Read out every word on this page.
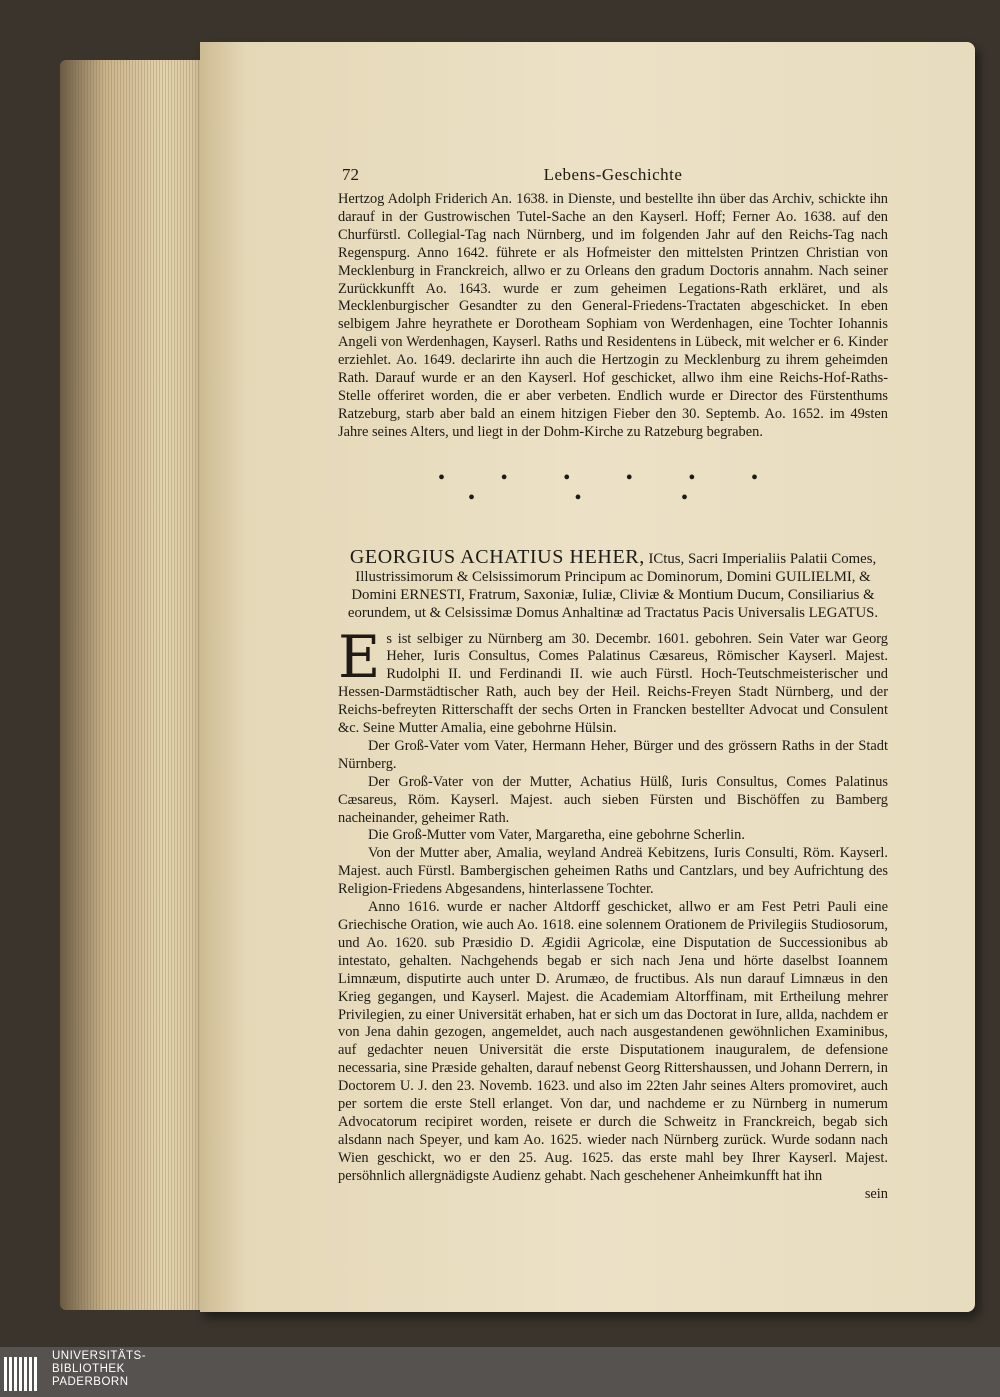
72	Lebens-Geschichte

Hertzog Adolph Friderich An. 1638. in Dienste, und bestellte ihn über das Archiv, schickte ihn darauf in der Gustrowischen Tutel-Sache an den Kayserl. Hoff; Ferner Ao. 1638. auf den Churfürstl. Collegial-Tag nach Nürnberg, und im folgenden Jahr auf den Reichs-Tag nach Regenspurg. Anno 1642. führete er als Hofmeister den mittelsten Printzen Christian von Mecklenburg in Franckreich, allwo er zu Orleans den gradum Doctoris annahm. Nach seiner Zurückkunfft Ao. 1643. wurde er zum geheimen Legations-Rath erkläret, und als Mecklenburgischer Gesandter zu den General-Friedens-Tractaten abgeschicket. In eben selbigem Jahre heyrathete er Dorotheam Sophiam von Werdenhagen, eine Tochter Iohannis Angeli von Werdenhagen, Kayserl. Raths und Residentens in Lübeck, mit welcher er 6. Kinder erziehlet. Ao. 1649. declarirte ihn auch die Hertzogin zu Mecklenburg zu ihrem geheimden Rath. Darauf wurde er an den Kayserl. Hof geschicket, allwo ihm eine Reichs-Hof-Raths-Stelle offeriret worden, die er aber verbeten. Endlich wurde er Director des Fürstenthums Ratzeburg, starb aber bald an einem hitzigen Fieber den 30. Septemb. Ao. 1652. im 49sten Jahre seines Alters, und liegt in der Dohm-Kirche zu Ratzeburg begraben.

•	•	•	•	•	•
•	•	•
GEORGIUS ACHATIUS HEHER, ICtus, Sacri Imperialiis Palatii Comes, Illustrissimorum & Celsissimorum Principum ac Dominorum, Domini GUILIELMI, & Domini ERNESTI, Fratrum, Saxoniæ, Iuliæ, Cliviæ & Montium Ducum, Consiliarius & eorundem, ut & Celsissimæ Domus Anhaltinæ ad Tractatus Pacis Universalis LEGATUS.

Es ist selbiger zu Nürnberg am 30. Decembr. 1601. gebohren. Sein Vater war Georg Heher, Iuris Consultus, Comes Palatinus Cæsareus, Römischer Kayserl. Majest. Rudolphi II. und Ferdinandi II. wie auch Fürstl. Hoch-Teutschmeisterischer und Hessen-Darmstädtischer Rath, auch bey der Heil. Reichs-Freyen Stadt Nürnberg, und der Reichs-befreyten Ritterschafft der sechs Orten in Francken bestellter Advocat und Consulent &c. Seine Mutter Amalia, eine gebohrne Hülsin.

Der Groß-Vater vom Vater, Hermann Heher, Bürger und des grössern Raths in der Stadt Nürnberg.

Der Groß-Vater von der Mutter, Achatius Hülß, Iuris Consultus, Comes Palatinus Cæsareus, Röm. Kayserl. Majest. auch sieben Fürsten und Bischöffen zu Bamberg nacheinander, geheimer Rath.

Die Groß-Mutter vom Vater, Margaretha, eine gebohrne Scherlin.

Von der Mutter aber, Amalia, weyland Andreä Kebitzens, Iuris Consulti, Röm. Kayserl. Majest. auch Fürstl. Bambergischen geheimen Raths und Cantzlars, und bey Aufrichtung des Religion-Friedens Abgesandens, hinterlassene Tochter.

Anno 1616. wurde er nacher Altdorff geschicket, allwo er am Fest Petri Pauli eine Griechische Oration, wie auch Ao. 1618. eine solennem Orationem de Privilegiis Studiosorum, und Ao. 1620. sub Præsidio D. Ægidii Agricolæ, eine Disputation de Successionibus ab intestato, gehalten. Nachgehends begab er sich nach Jena und hörte daselbst Ioannem Limnæum, disputirte auch unter D. Arumæo, de fructibus. Als nun darauf Limnæus in den Krieg gegangen, und Kayserl. Majest. die Academiam Altorffinam, mit Ertheilung mehrer Privilegien, zu einer Universität erhaben, hat er sich um das Doctorat in Iure, allda, nachdem er von Jena dahin gezogen, angemeldet, auch nach ausgestandenen gewöhnlichen Examinibus, auf gedachter neuen Universität die erste Disputationem inauguralem, de defensione necessaria, sine Præside gehalten, darauf nebenst Georg Rittershaussen, und Johann Derrern, in Doctorem U. J. den 23. Novemb. 1623. und also im 22ten Jahr seines Alters promoviret, auch per sortem die erste Stell erlanget. Von dar, und nachdeme er zu Nürnberg in numerum Advocatorum recipiret worden, reisete er durch die Schweitz in Franckreich, begab sich alsdann nach Speyer, und kam Ao. 1625. wieder nach Nürnberg zurück. Wurde sodann nach Wien geschickt, wo er den 25. Aug. 1625. das erste mahl bey Ihrer Kayserl. Majest. persöhnlich allergnädigste Audienz gehabt. Nach geschehener Anheimkunfft hat ihn

sein

UNIVERSITÄTS-
BIBLIOTHEK
PADERBORN
